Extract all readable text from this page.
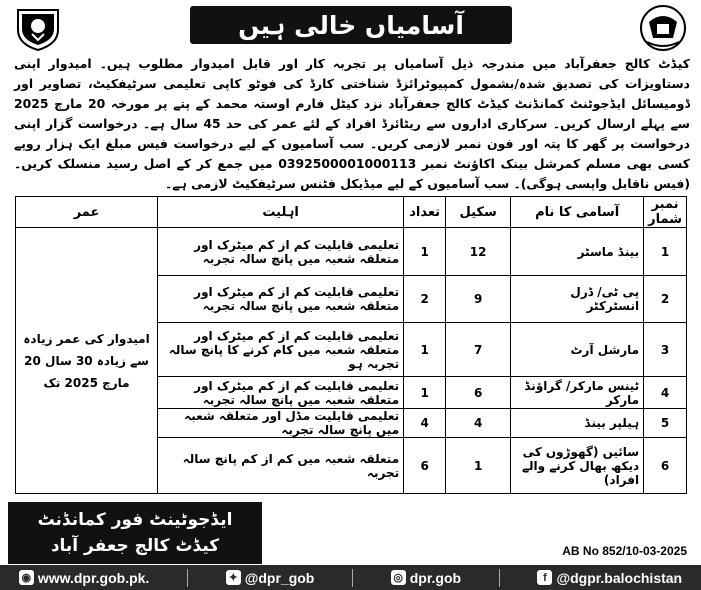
آسامیاں خالی ہیں

کیڈٹ کالج جعفرآباد میں مندرجہ ذیل آسامیاں پر تجربہ کار اور قابل امیدوار مطلوب ہیں۔ امیدوار اپنی دستاویزات کی تصدیق شدہ/بشمول کمپیوٹرائزڈ شناختی کارڈ کی فوٹو کاپی تعلیمی سرٹیفکیٹ، تصاویر اور ڈومیسائل ایڈجوٹنٹ کمانڈنٹ کیڈٹ کالج جعفرآباد نزد کیٹل فارم اوستہ محمد کے پتے پر مورخہ 20 مارچ 2025 سے پہلے ارسال کریں۔ سرکاری اداروں سے ریٹائرڈ افراد کے لئے عمر کی حد 45 سال ہے۔ درخواست گزار اپنی درخواست پر گھر کا پتہ اور فون نمبر لازمی کریں۔ سب آسامیوں کے لیے درخواست فیس مبلغ ایک ہزار روپے کسی بھی مسلم کمرشل بینک اکاؤنٹ نمبر 0392500001000113 میں جمع کر کے اصل رسید منسلک کریں۔ (فیس ناقابل واپسی ہوگی)۔ سب آسامیوں کے لیے میڈیکل فٹنس سرٹیفکیٹ لازمی ہے۔

نمبر شمار	آسامی کا نام	سکیل	تعداد	اہلیت	عمر
1	بینڈ ماسٹر	12	1	تعلیمی قابلیت کم از کم میٹرک اور متعلقہ شعبہ میں پانچ سالہ تجربہ	امیدوار کی عمر زیادہ سے زیادہ 30 سال 20 مارچ 2025 تک
2	پی ٹی/ ڈرل انسٹرکٹر	9	2	تعلیمی قابلیت کم از کم میٹرک اور متعلقہ شعبہ میں پانچ سالہ تجربہ	
3	مارشل آرٹ	7	1	تعلیمی قابلیت کم از کم میٹرک اور متعلقہ شعبہ میں کام کرنے کا پانچ سالہ تجربہ ہو	
4	ٹینس مارکر/ گراؤنڈ مارکر	6	1	تعلیمی قابلیت کم از کم میٹرک اور متعلقہ شعبہ میں پانچ سالہ تجربہ	
5	ہیلپر بینڈ	4	4	تعلیمی قابلیت مڈل اور متعلقہ شعبہ میں پانچ سالہ تجربہ	
6	سائیں (گھوڑوں کی دیکھ بھال کرنے والے افراد)	1	6	متعلقہ شعبہ میں کم از کم پانچ سالہ تجربہ	
ایڈجوٹینٹ فور کمانڈنٹ
کیڈٹ کالج جعفر آباد	AB No 852/10-03-2025
◉ www.dpr.gob.pk.	✦ @dpr_gob	◎ dpr.gob	f @dgpr.balochistan
